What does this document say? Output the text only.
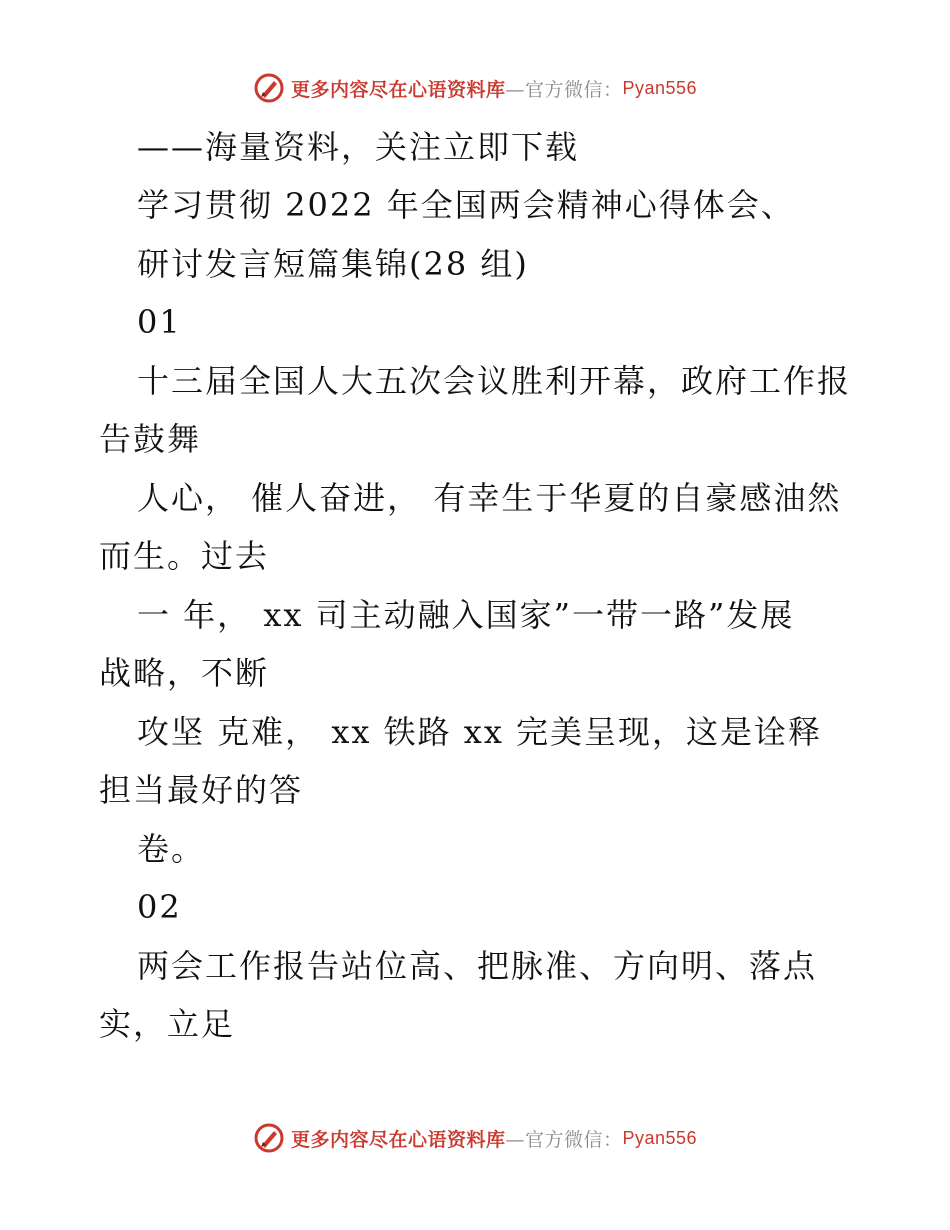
更多内容尽在心语资料库 —官方微信： Pyan556
——海量资料，关注立即下载
学习贯彻 2022 年全国两会精神心得体会、
研讨发言短篇集锦(28 组)
01
十三届全国人大五次会议胜利开幕，政府工作报
告鼓舞
人心， 催人奋进， 有幸生于华夏的自豪感油然
而生。过去
一 年， xx 司主动融入国家”一带一路”发展
战略，不断
攻坚 克难， xx 铁路 xx 完美呈现，这是诠释
担当最好的答
卷。
02
两会工作报告站位高、把脉准、方向明、落点
实，立足
更多内容尽在心语资料库 —官方微信： Pyan556
